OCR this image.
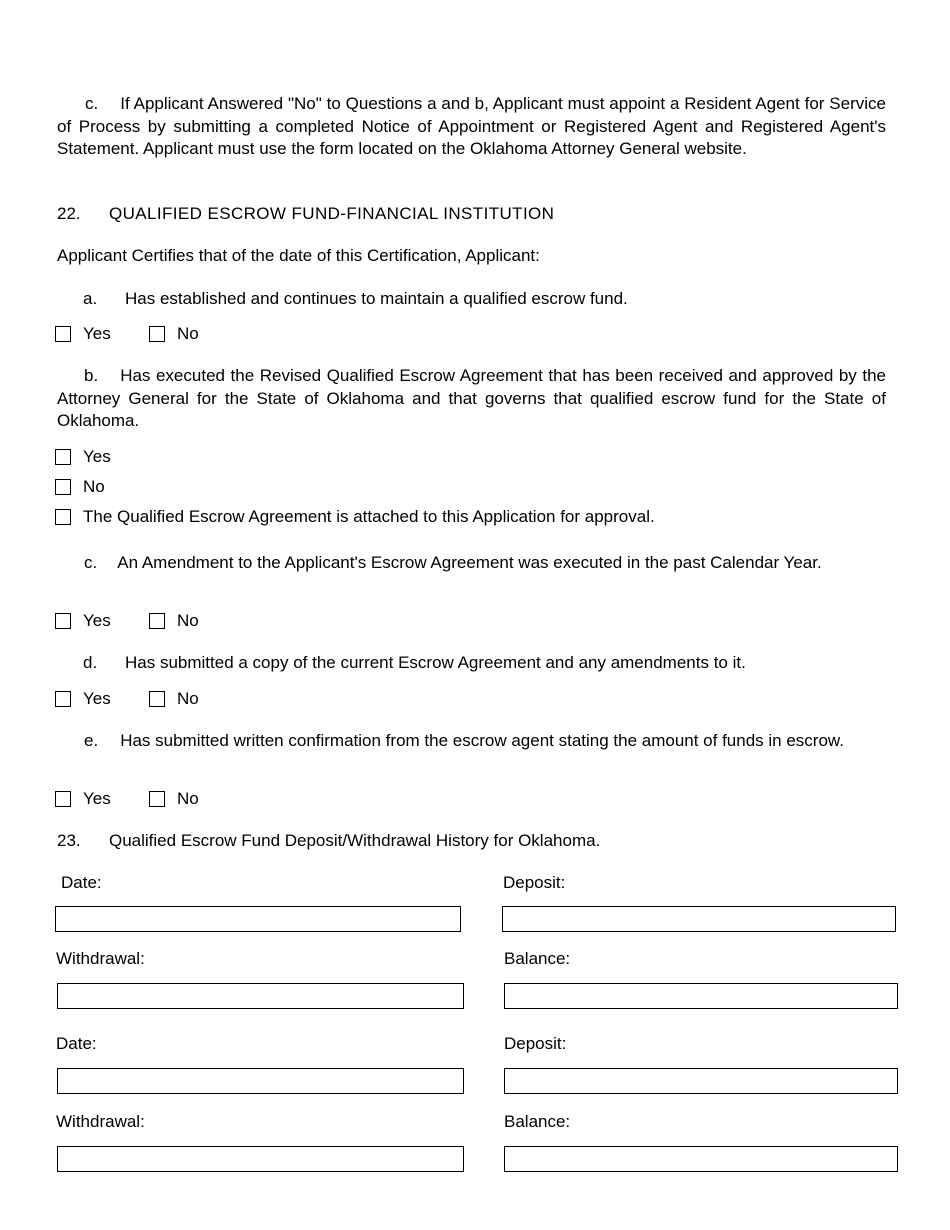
c. If Applicant Answered "No" to Questions a and b, Applicant must appoint a Resident Agent for Service of Process by submitting a completed Notice of Appointment or Registered Agent and Registered Agent's Statement. Applicant must use the form located on the Oklahoma Attorney General website.
22. QUALIFIED ESCROW FUND-FINANCIAL INSTITUTION
Applicant Certifies that of the date of this Certification, Applicant:
a. Has established and continues to maintain a qualified escrow fund.
Yes	No
b. Has executed the Revised Qualified Escrow Agreement that has been received and approved by the Attorney General for the State of Oklahoma and that governs that qualified escrow fund for the State of Oklahoma.
Yes
No
The Qualified Escrow Agreement is attached to this Application for approval.
c. An Amendment to the Applicant's Escrow Agreement was executed in the past Calendar Year.
Yes	No
d. Has submitted a copy of the current Escrow Agreement and any amendments to it.
Yes	No
e. Has submitted written confirmation from the escrow agent stating the amount of funds in escrow.
Yes	No
23. Qualified Escrow Fund Deposit/Withdrawal History for Oklahoma.
Date:	Deposit:
Withdrawal:	Balance:
Date:	Deposit:
Withdrawal:	Balance:
